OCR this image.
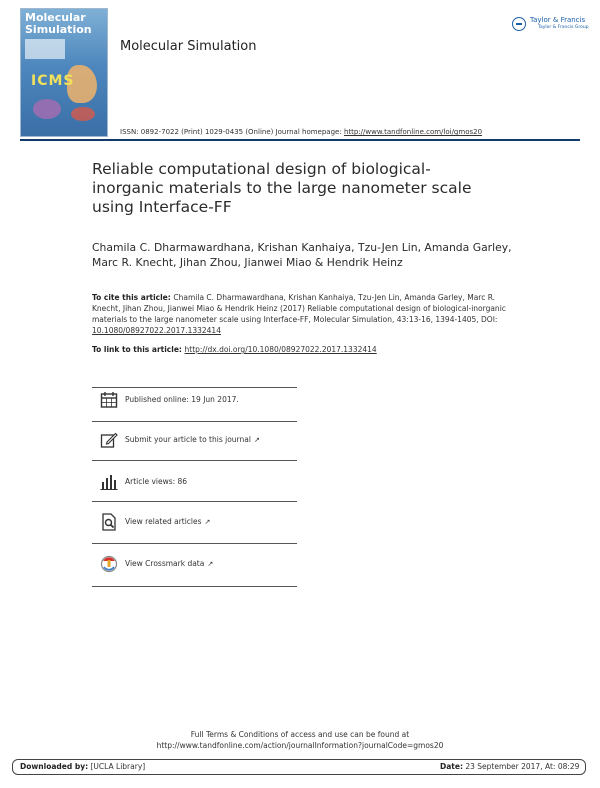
Molecular
Simulation
ICMS
Molecular Simulation
Taylor & Francis
Taylor & Francis Group
ISSN: 0892-7022 (Print) 1029-0435 (Online) Journal homepage: http://www.tandfonline.com/loi/gmos20
Reliable computational design of biological-inorganic materials to the large nanometer scale using Interface-FF
Chamila C. Dharmawardhana, Krishan Kanhaiya, Tzu-Jen Lin, Amanda Garley, Marc R. Knecht, Jihan Zhou, Jianwei Miao & Hendrik Heinz
To cite this article: Chamila C. Dharmawardhana, Krishan Kanhaiya, Tzu-Jen Lin, Amanda Garley, Marc R. Knecht, Jihan Zhou, Jianwei Miao & Hendrik Heinz (2017) Reliable computational design of biological-inorganic materials to the large nanometer scale using Interface-FF, Molecular Simulation, 43:13-16, 1394-1405, DOI: 10.1080/08927022.2017.1332414
To link to this article: http://dx.doi.org/10.1080/08927022.2017.1332414
Published online: 19 Jun 2017.
Submit your article to this journal ↗
Article views: 86
View related articles ↗
View Crossmark data ↗
Full Terms & Conditions of access and use can be found at
http://www.tandfonline.com/action/journalInformation?journalCode=gmos20
Downloaded by: [UCLA Library]	Date: 23 September 2017, At: 08:29
